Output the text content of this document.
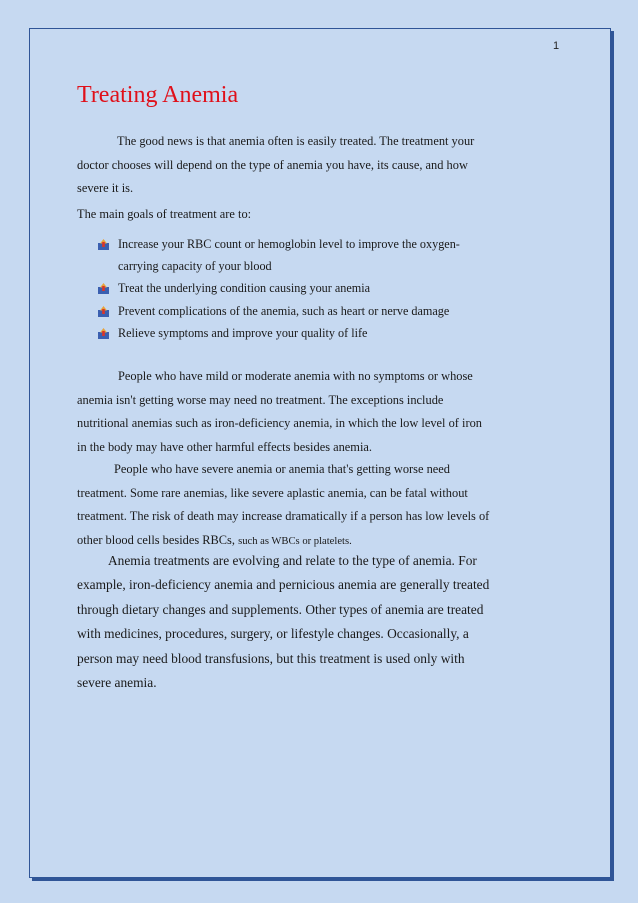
1
Treating Anemia

The good news is that anemia often is easily treated. The treatment your
doctor chooses will depend on the type of anemia you have, its cause, and how
severe it is.

The main goals of treatment are to:

Increase your RBC count or hemoglobin level to improve the oxygen-
carrying capacity of your blood
Treat the underlying condition causing your anemia
Prevent complications of the anemia, such as heart or nerve damage
Relieve symptoms and improve your quality of life

People who have mild or moderate anemia with no symptoms or whose
anemia isn't getting worse may need no treatment. The exceptions include
nutritional anemias such as iron-deficiency anemia, in which the low level of iron
in the body may have other harmful effects besides anemia.

People who have severe anemia or anemia that's getting worse need
treatment. Some rare anemias, like severe aplastic anemia, can be fatal without
treatment. The risk of death may increase dramatically if a person has low levels of
other blood cells besides RBCs, such as WBCs or platelets.

Anemia treatments are evolving and relate to the type of anemia. For
example, iron-deficiency anemia and pernicious anemia are generally treated
through dietary changes and supplements. Other types of anemia are treated
with medicines, procedures, surgery, or lifestyle changes. Occasionally, a
person may need blood transfusions, but this treatment is used only with
severe anemia.
